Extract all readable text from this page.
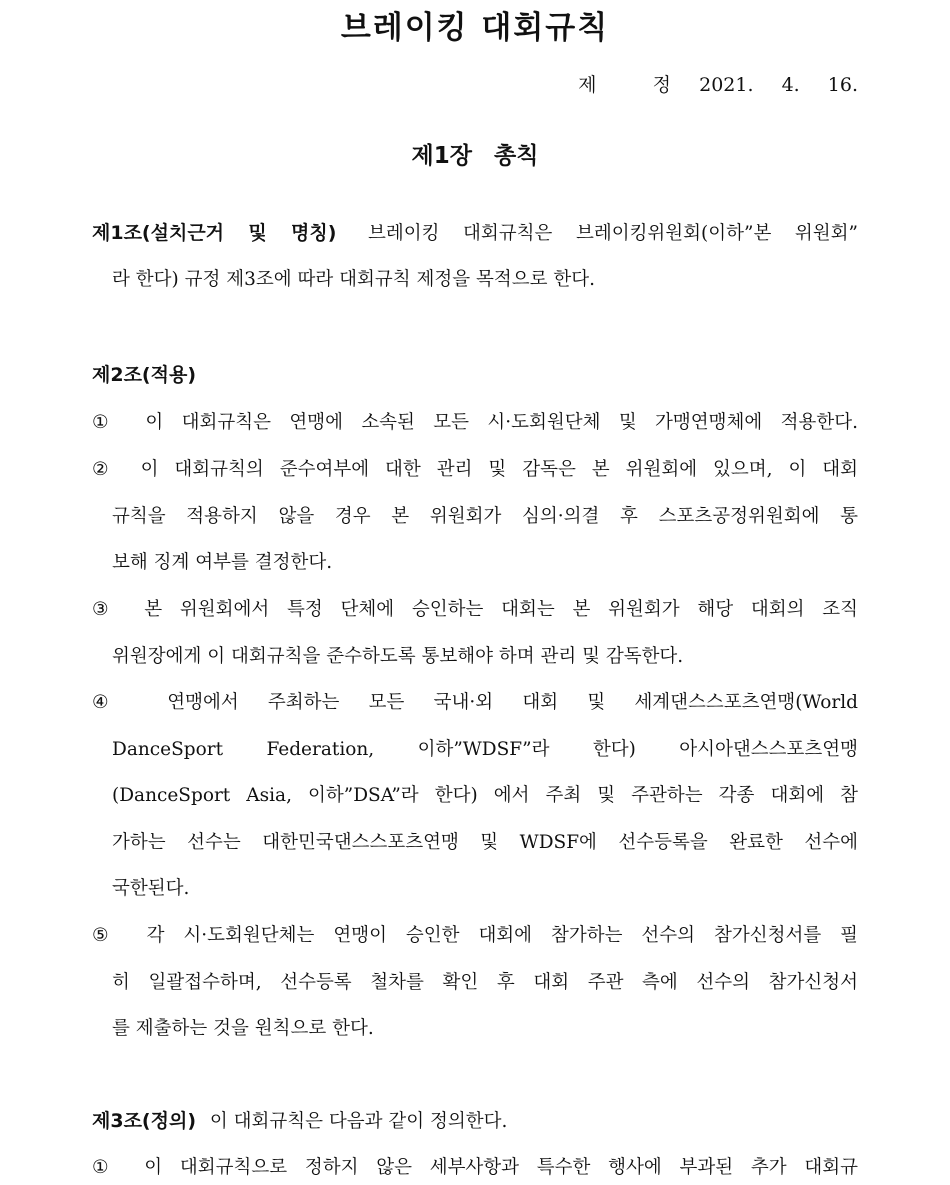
브레이킹 대회규칙
제    정  2021.  4.  16.
제1장 총칙
제1조(설치근거 및 명칭) 브레이킹 대회규칙은 브레이킹위원회(이하”본 위원회”
라 한다) 규정 제3조에 따라 대회규칙 제정을 목적으로 한다.
제2조(적용)
① 이 대회규칙은 연맹에 소속된 모든 시·도회원단체 및 가맹연맹체에 적용한다.
② 이 대회규칙의 준수여부에 대한 관리 및 감독은 본 위원회에 있으며, 이 대회
규칙을 적용하지 않을 경우 본 위원회가 심의·의결 후 스포츠공정위원회에 통
보해 징계 여부를 결정한다.
③ 본 위원회에서 특정 단체에 승인하는 대회는 본 위원회가 해당 대회의 조직
위원장에게 이 대회규칙을 준수하도록 통보해야 하며 관리 및 감독한다.
④ 연맹에서 주최하는 모든 국내·외 대회 및 세계댄스스포츠연맹(World
DanceSport Federation, 이하”WDSF”라 한다) 아시아댄스스포츠연맹
(DanceSport Asia, 이하”DSA”라 한다) 에서 주최 및 주관하는 각종 대회에 참
가하는 선수는 대한민국댄스스포츠연맹 및 WDSF에 선수등록을 완료한 선수에
국한된다.
⑤ 각 시·도회원단체는 연맹이 승인한 대회에 참가하는 선수의 참가신청서를 필
히 일괄접수하며, 선수등록 철차를 확인 후 대회 주관 측에 선수의 참가신청서
를 제출하는 것을 원칙으로 한다.
제3조(정의) 이 대회규칙은 다음과 같이 정의한다.
① 이 대회규칙으로 정하지 않은 세부사항과 특수한 행사에 부과된 추가 대회규
